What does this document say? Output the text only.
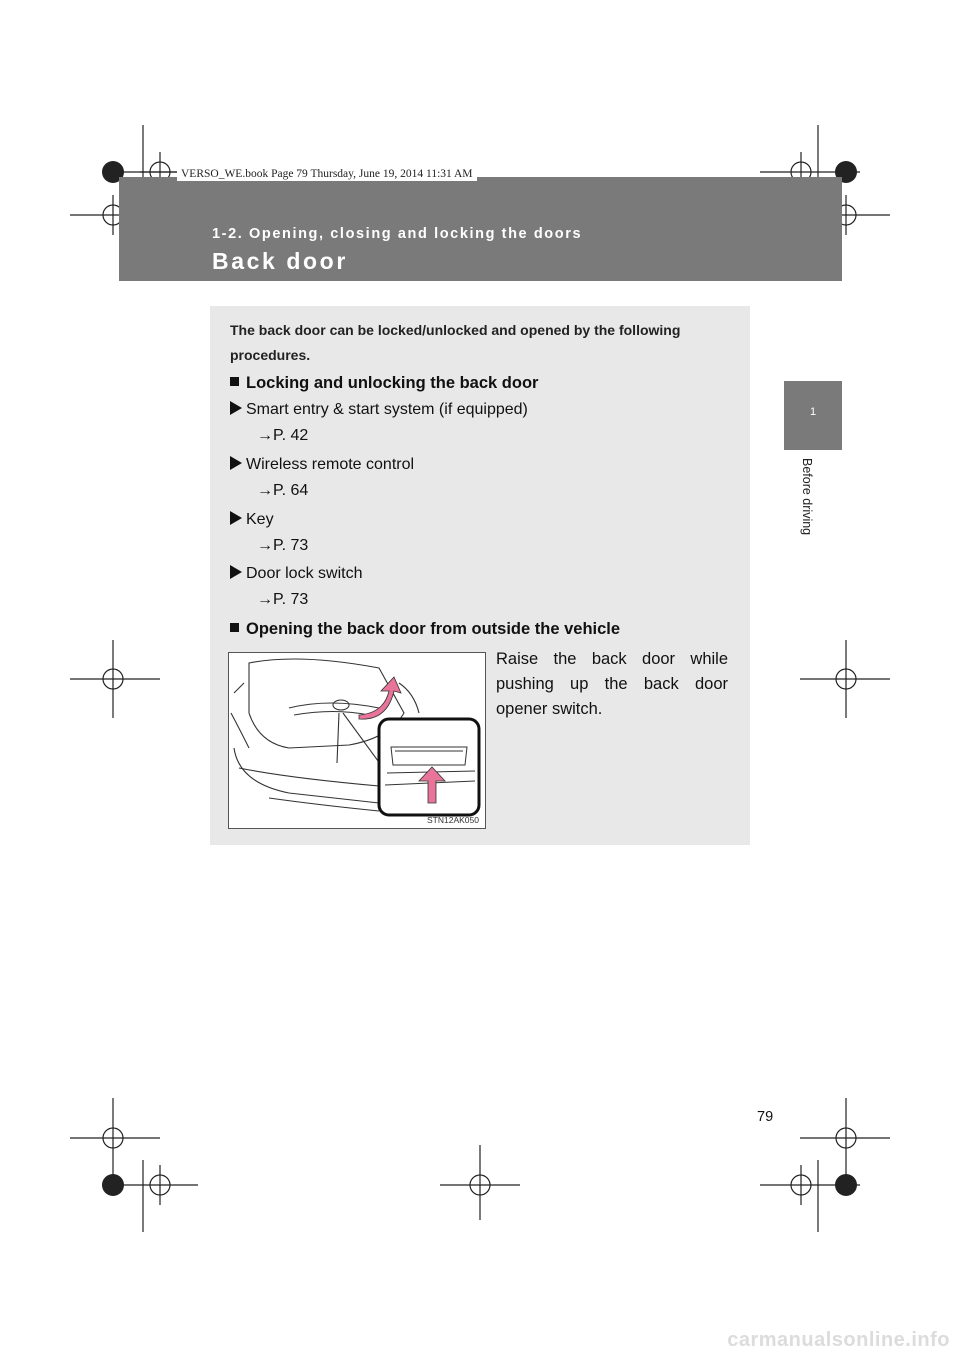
VERSO_WE.book Page 79 Thursday, June 19, 2014 11:31 AM
1-2. Opening, closing and locking the doors
Back door
1
Before driving
The back door can be locked/unlocked and opened by the following procedures.
Locking and unlocking the back door
Smart entry & start system (if equipped)
→P. 42
Wireless remote control
→P. 64
Key
→P. 73
Door lock switch
→P. 73
Opening the back door from outside the vehicle
STN12AK050
Raise the back door while pushing up the back door opener switch.
79
carmanualsonline.info
